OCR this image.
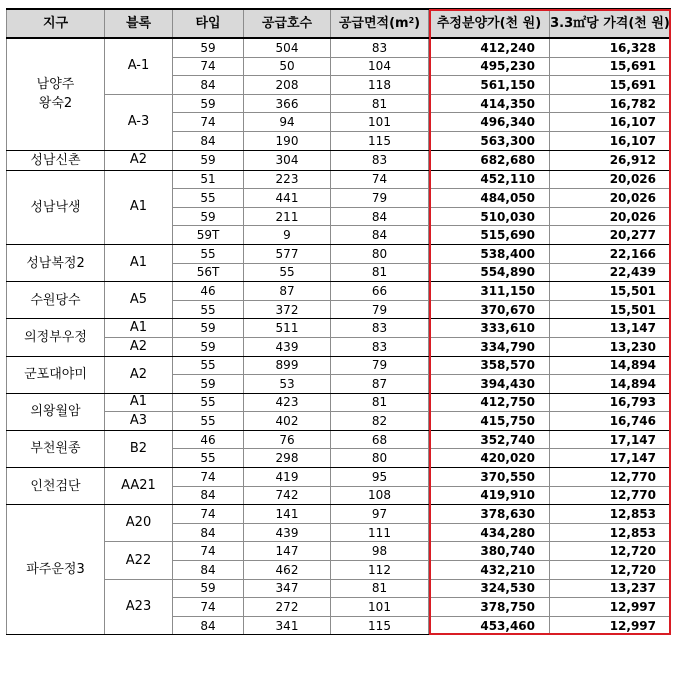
지구	블록	타입	공급호수	공급면적$(m^2)$	추정분양가(천 원)	3.3㎡당 가격(천 원)
남양주
왕숙2	A-1	59	504	83	412,240	16,328
		74	50	104	495,230	15,691
		84	208	118	561,150	15,691
	A-3	59	366	81	414,350	16,782
		74	94	101	496,340	16,107
		84	190	115	563,300	16,107
성남신촌	A2	59	304	83	682,680	26,912
성남낙생	A1	51	223	74	452,110	20,026
		55	441	79	484,050	20,026
		59	211	84	510,030	20,026
		59T	9	84	515,690	20,277
성남복정2	A1	55	577	80	538,400	22,166
		56T	55	81	554,890	22,439
수원당수	A5	46	87	66	311,150	15,501
		55	372	79	370,670	15,501
의정부우정	A1	59	511	83	333,610	13,147
	A2	59	439	83	334,790	13,230
군포대야미	A2	55	899	79	358,570	14,894
		59	53	87	394,430	14,894
의왕월암	A1	55	423	81	412,750	16,793
	A3	55	402	82	415,750	16,746
부천원종	B2	46	76	68	352,740	17,147
		55	298	80	420,020	17,147
인천검단	AA21	74	419	95	370,550	12,770
		84	742	108	419,910	12,770
파주운정3	A20	74	141	97	378,630	12,853
		84	439	111	434,280	12,853
	A22	74	147	98	380,740	12,720
		84	462	112	432,210	12,720
	A23	59	347	81	324,530	13,237
		74	272	101	378,750	12,997
		84	341	115	453,460	12,997
